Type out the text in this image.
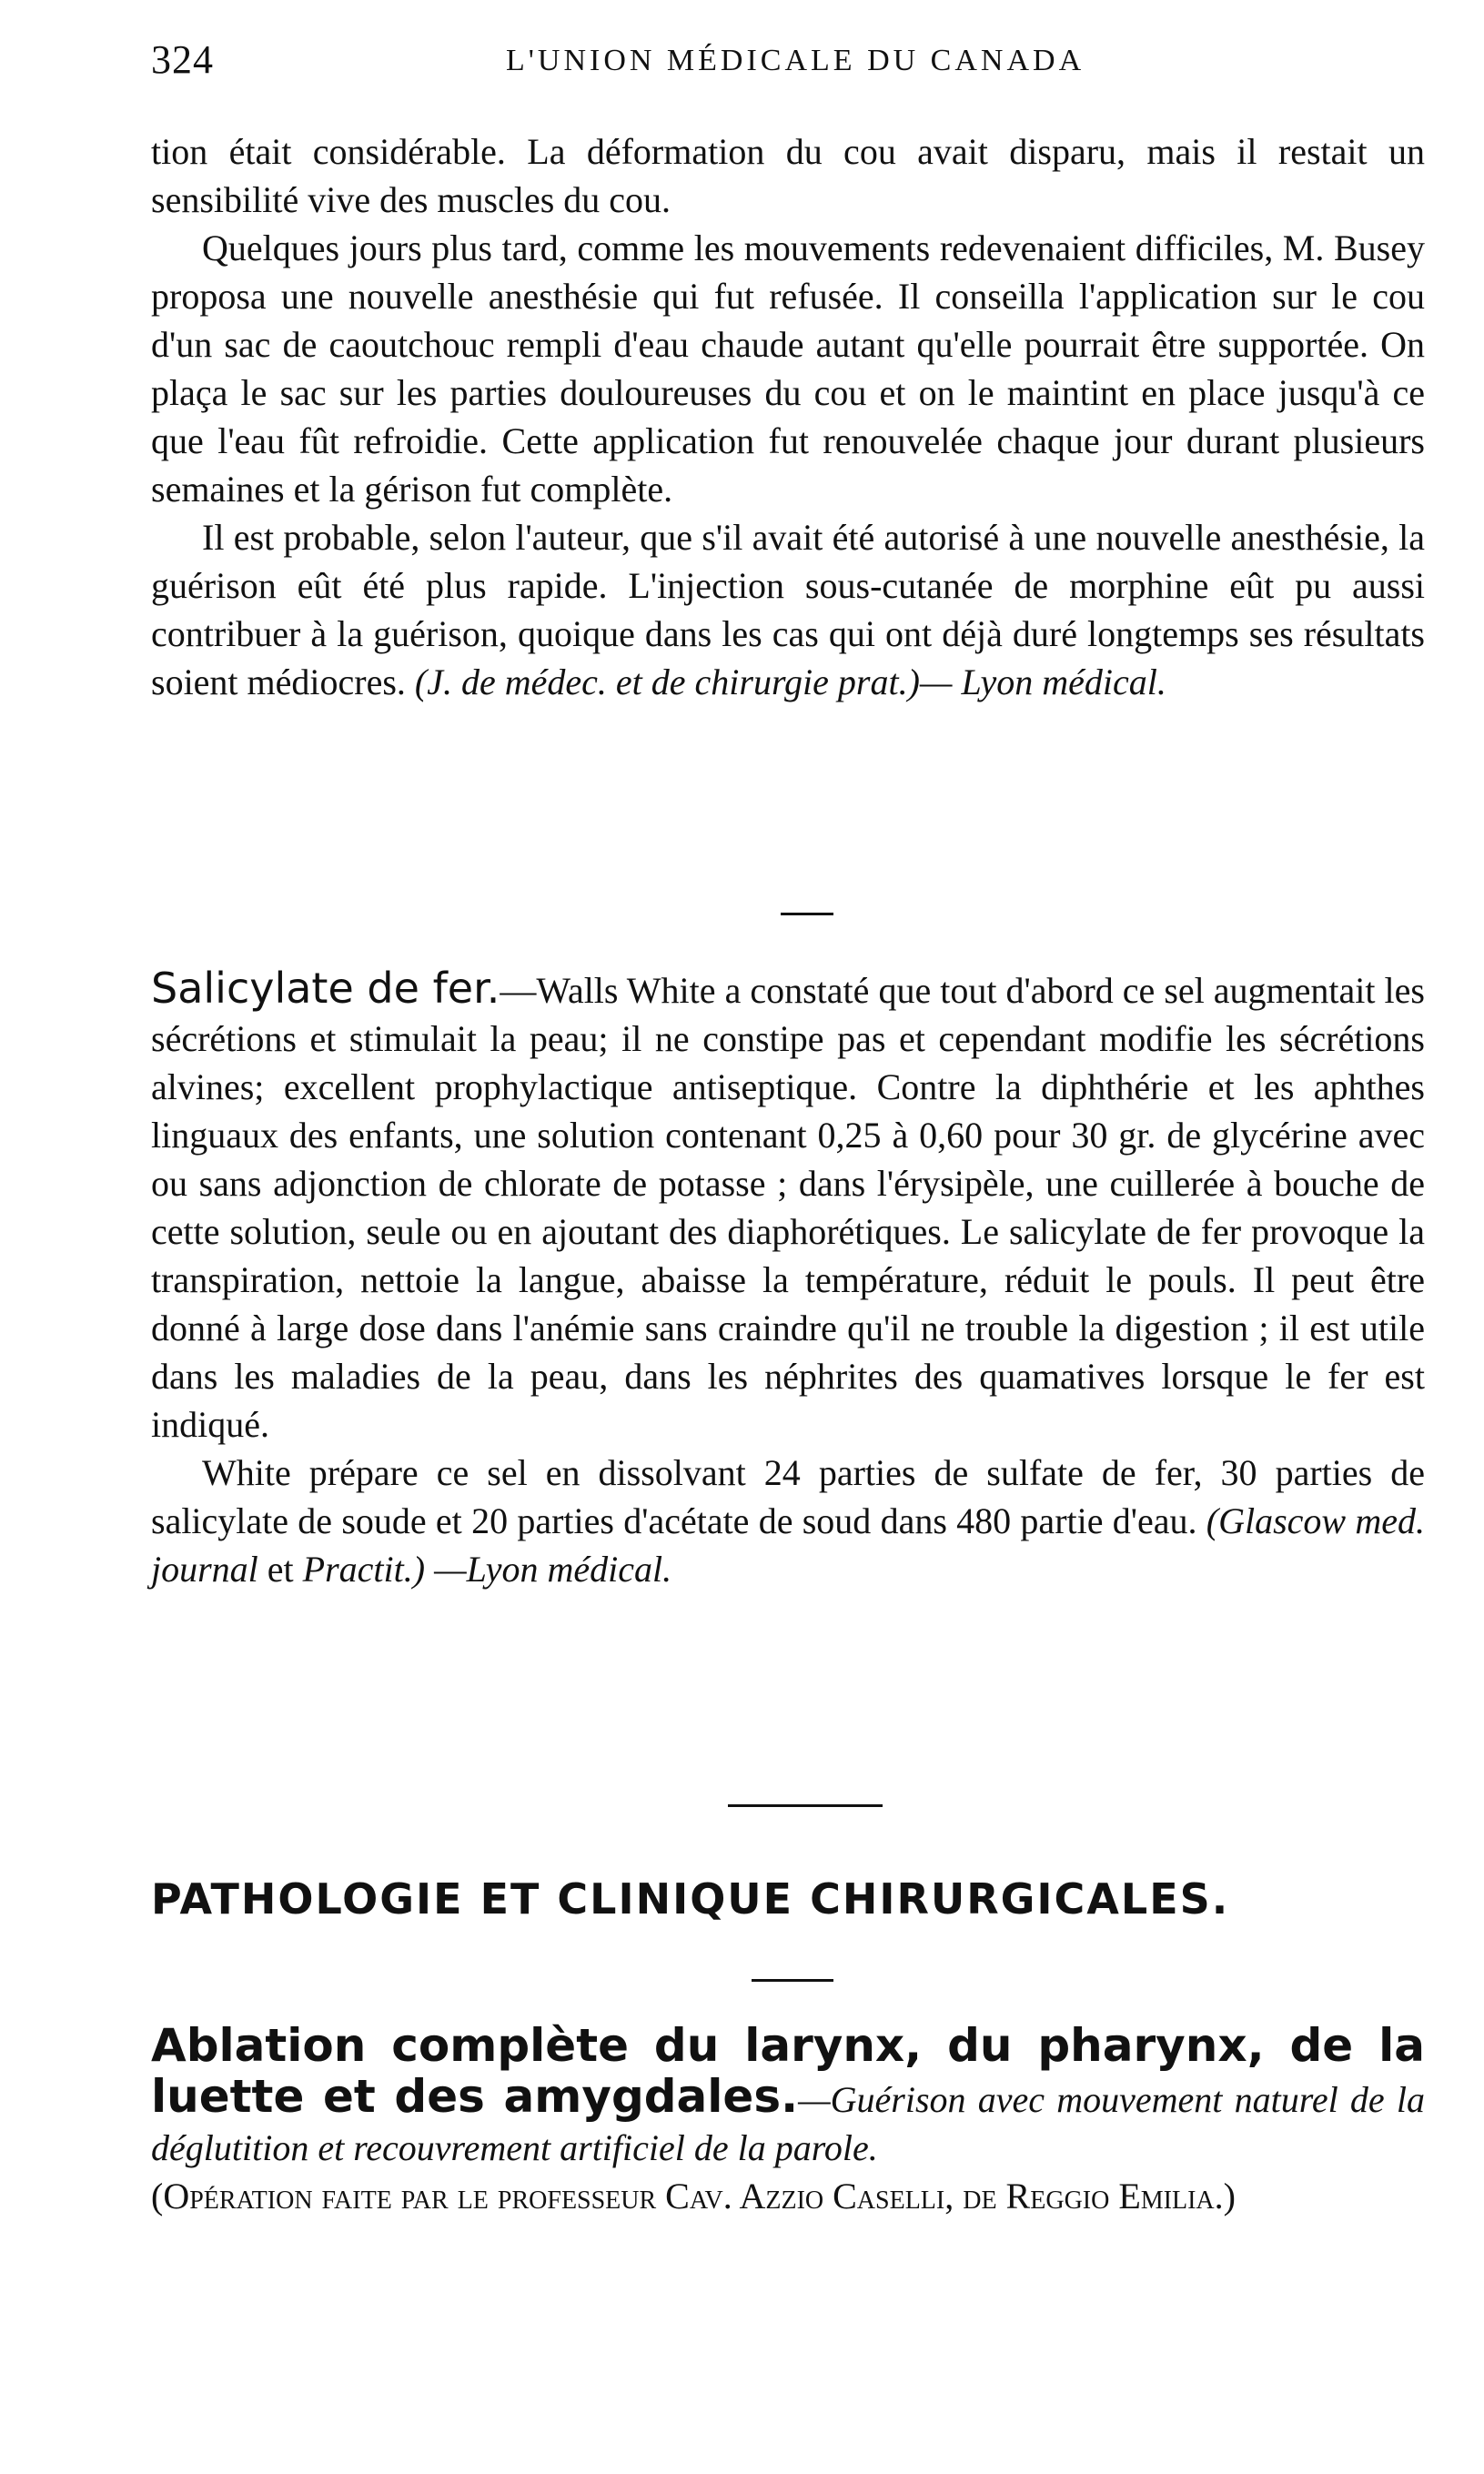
324	L'UNION MÉDICALE DU CANADA

tion était considérable. La déformation du cou avait disparu, mais il restait un sensibilité vive des muscles du cou.

Quelques jours plus tard, comme les mouvements redevenaient difficiles, M. Busey proposa une nouvelle anesthésie qui fut refusée. Il conseilla l'application sur le cou d'un sac de caoutchouc rempli d'eau chaude autant qu'elle pourrait être supportée. On plaça le sac sur les parties douloureuses du cou et on le maintint en place jusqu'à ce que l'eau fût refroidie. Cette application fut renouvelée chaque jour durant plusieurs semaines et la gérison fut complète.

Il est probable, selon l'auteur, que s'il avait été autorisé à une nouvelle anesthésie, la guérison eût été plus rapide. L'injection sous-cutanée de morphine eût pu aussi contribuer à la guérison, quoique dans les cas qui ont déjà duré longtemps ses résultats soient médiocres. (J. de médec. et de chirurgie prat.)— Lyon médical.

Salicylate de fer.—Walls White a constaté que tout d'abord ce sel augmentait les sécrétions et stimulait la peau; il ne constipe pas et cependant modifie les sécrétions alvines; excellent prophylactique antiseptique. Contre la diphthérie et les aphthes linguaux des enfants, une solution contenant 0,25 à 0,60 pour 30 gr. de glycérine avec ou sans adjonction de chlorate de potasse ; dans l'érysipèle, une cuillerée à bouche de cette solution, seule ou en ajoutant des diaphorétiques. Le salicylate de fer provoque la transpiration, nettoie la langue, abaisse la température, réduit le pouls. Il peut être donné à large dose dans l'anémie sans craindre qu'il ne trouble la digestion ; il est utile dans les maladies de la peau, dans les néphrites des quamatives lorsque le fer est indiqué.

White prépare ce sel en dissolvant 24 parties de sulfate de fer, 30 parties de salicylate de soude et 20 parties d'acétate de soud dans 480 partie d'eau. (Glascow med. journal et Practit.) —Lyon médical.

PATHOLOGIE ET CLINIQUE CHIRURGICALES.

Ablation complète du larynx, du pharynx, de la luette et des amygdales.—Guérison avec mouvement naturel de la déglutition et recouvrement artificiel de la parole.

(Opération faite par le professeur Cav. Azzio Caselli, de Reggio Emilia.)
